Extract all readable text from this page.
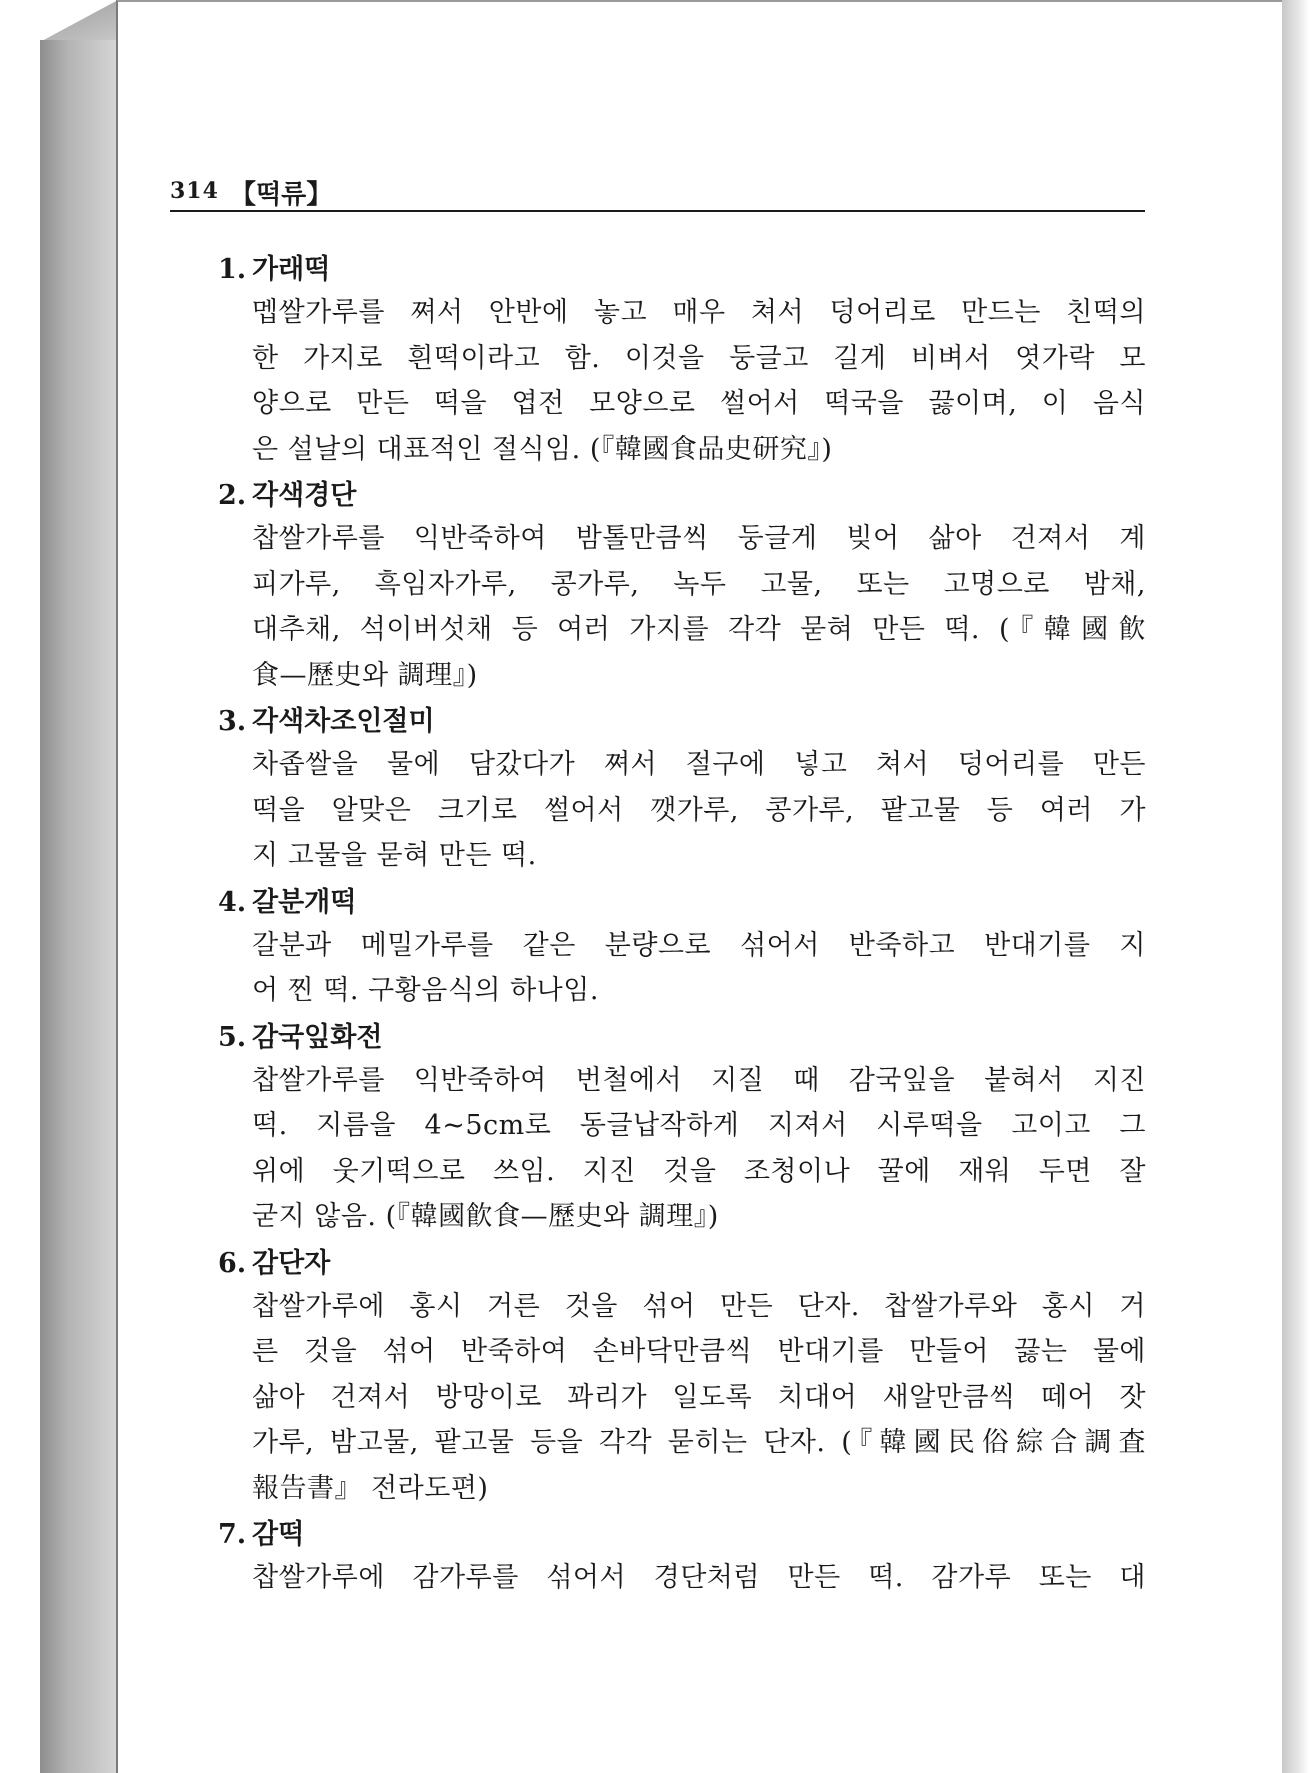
314 【떡류】
1. 가래떡
멥쌀가루를 쪄서 안반에 놓고 매우 쳐서 덩어리로 만드는 친떡의
한 가지로 흰떡이라고 함. 이것을 둥글고 길게 비벼서 엿가락 모
양으로 만든 떡을 엽전 모양으로 썰어서 떡국을 끓이며, 이 음식
은 설날의 대표적인 절식임. (『韓國食品史研究』)
2. 각색경단
찹쌀가루를 익반죽하여 밤톨만큼씩 둥글게 빚어 삶아 건져서 계
피가루, 흑임자가루, 콩가루, 녹두 고물, 또는 고명으로 밤채,
대추채, 석이버섯채 등 여러 가지를 각각 묻혀 만든 떡. (『韓國飮
食—歷史와 調理』)
3. 각색차조인절미
차좁쌀을 물에 담갔다가 쪄서 절구에 넣고 쳐서 덩어리를 만든
떡을 알맞은 크기로 썰어서 깻가루, 콩가루, 팥고물 등 여러 가
지 고물을 묻혀 만든 떡.
4. 갈분개떡
갈분과 메밀가루를 같은 분량으로 섞어서 반죽하고 반대기를 지
어 찐 떡. 구황음식의 하나임.
5. 감국잎화전
찹쌀가루를 익반죽하여 번철에서 지질 때 감국잎을 붙혀서 지진
떡. 지름을 4~5cm로 동글납작하게 지져서 시루떡을 고이고 그
위에 웃기떡으로 쓰임. 지진 것을 조청이나 꿀에 재워 두면 잘
굳지 않음. (『韓國飮食—歷史와 調理』)
6. 감단자
찹쌀가루에 홍시 거른 것을 섞어 만든 단자. 찹쌀가루와 홍시 거
른 것을 섞어 반죽하여 손바닥만큼씩 반대기를 만들어 끓는 물에
삶아 건져서 방망이로 꽈리가 일도록 치대어 새알만큼씩 떼어 잣
가루, 밤고물, 팥고물 등을 각각 묻히는 단자. (『韓國民俗綜合調査
報告書』 전라도편)
7. 감떡
찹쌀가루에 감가루를 섞어서 경단처럼 만든 떡. 감가루 또는 대
